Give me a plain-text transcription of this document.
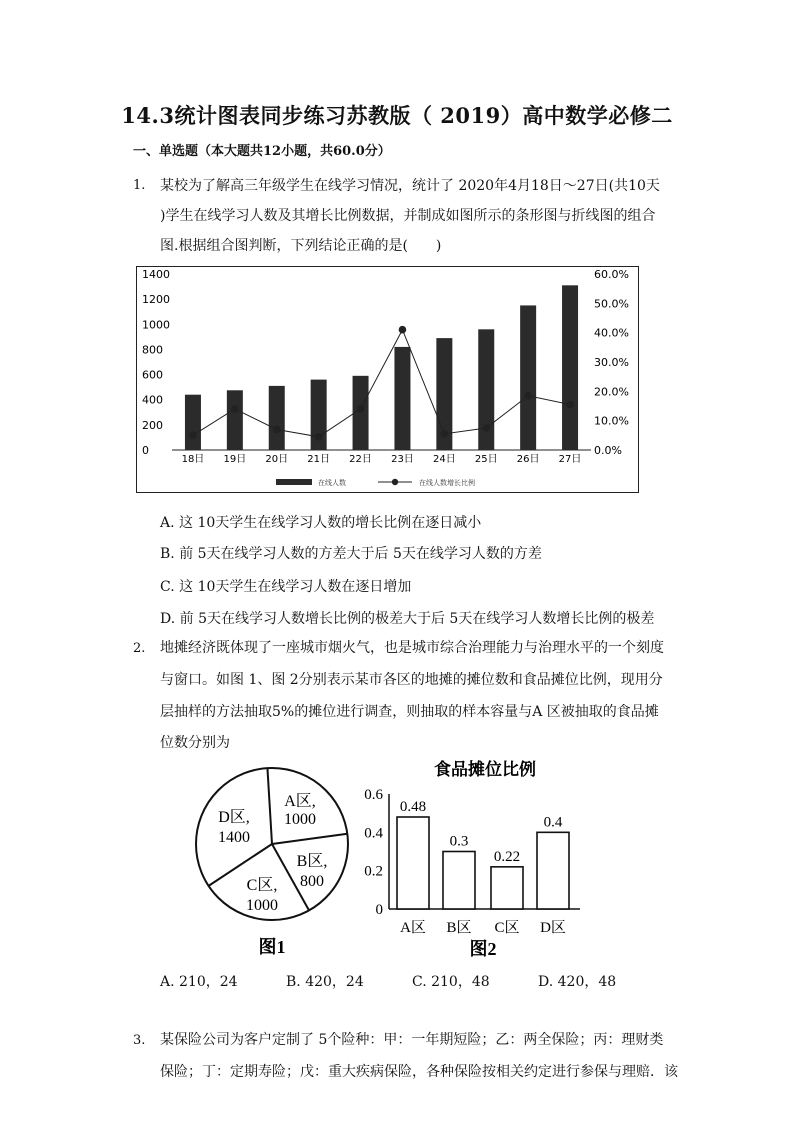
14.3统计图表同步练习苏教版（ 2019）高中数学必修二
一、单选题（本大题共12小题，共60.0分）
1. 某校为了解高三年级学生在线学习情况，统计了 2020年4月18日～27日(共10天
)学生在线学习人数及其增长比例数据，并制成如图所示的条形图与折线图的组合
图.根据组合图判断，下列结论正确的是(　　)
1400
1200
1000
800
600
400
200
0
60.0%
50.0%
40.0%
30.0%
20.0%
10.0%
0.0%
18日 19日 20日 21日 22日 23日 24日 25日 26日 27日
在线人数	在线人数增长比例
A. 这 10天学生在线学习人数的增长比例在逐日减小
B. 前 5天在线学习人数的方差大于后 5天在线学习人数的方差
C. 这 10天学生在线学习人数在逐日增加
D. 前 5天在线学习人数增长比例的极差大于后 5天在线学习人数增长比例的极差
2. 地摊经济既体现了一座城市烟火气，也是城市综合治理能力与治理水平的一个刻度
与窗口。如图 1、图 2分别表示某市各区的地摊的摊位数和食品摊位比例，现用分
层抽样的方法抽取5%的摊位进行调查，则抽取的样本容量与A 区被抽取的食品摊
位数分别为
A区,
1000
B区,
800
C区,
1000
D区,
1400
图1
食品摊位比例
0.6
0.4
0.2
0
0.48
A区
0.3
B区
0.22
C区
0.4
D区
图2
A. 210，24	B. 420，24	C. 210，48	D. 420，48
3. 某保险公司为客户定制了 5个险种：甲：一年期短险；乙：两全保险；丙：理财类
保险；丁：定期寿险；戊：重大疾病保险，各种保险按相关约定进行参保与理赔．该
